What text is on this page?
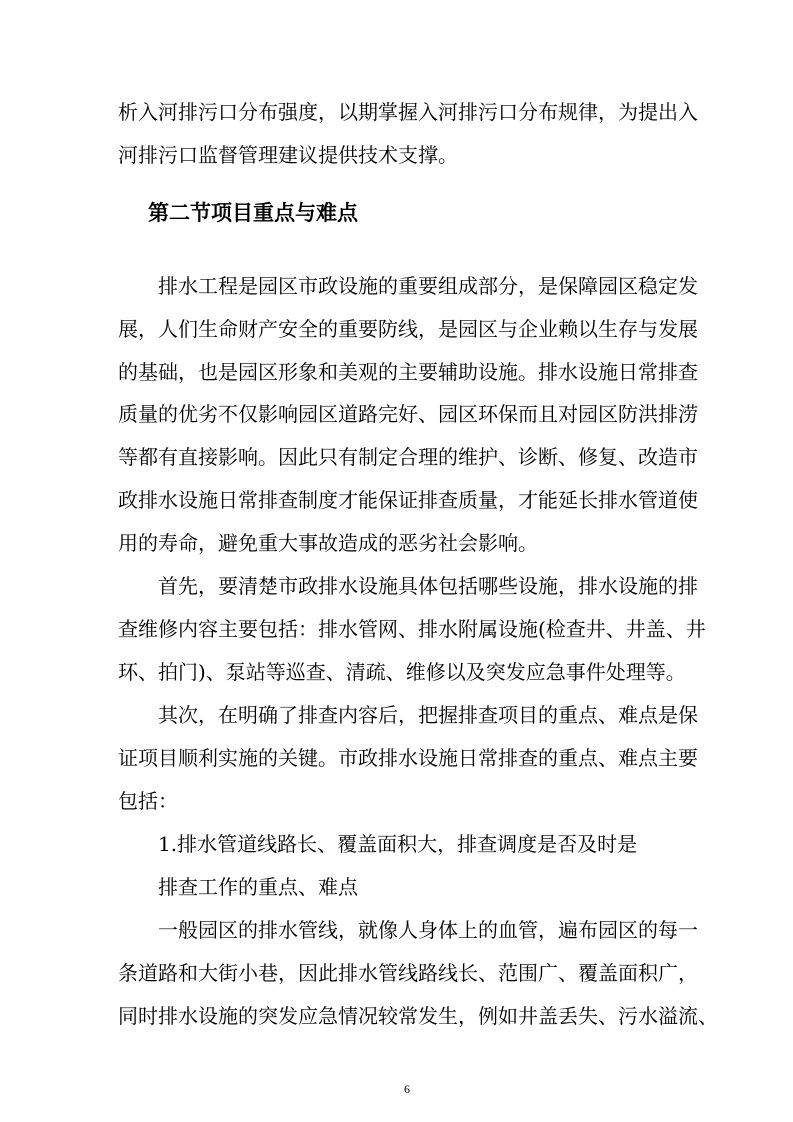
析入河排污口分布强度，以期掌握入河排污口分布规律，为提出入
河排污口监督管理建议提供技术支撑。
第二节项目重点与难点
排水工程是园区市政设施的重要组成部分，是保障园区稳定发
展，人们生命财产安全的重要防线，是园区与企业赖以生存与发展
的基础，也是园区形象和美观的主要辅助设施。排水设施日常排查
质量的优劣不仅影响园区道路完好、园区环保而且对园区防洪排涝
等都有直接影响。因此只有制定合理的维护、诊断、修复、改造市
政排水设施日常排查制度才能保证排查质量，才能延长排水管道使
用的寿命，避免重大事故造成的恶劣社会影响。
首先，要清楚市政排水设施具体包括哪些设施，排水设施的排
查维修内容主要包括：排水管网、排水附属设施(检查井、井盖、井
环、拍门)、泵站等巡查、清疏、维修以及突发应急事件处理等。
其次，在明确了排查内容后，把握排查项目的重点、难点是保
证项目顺利实施的关键。市政排水设施日常排查的重点、难点主要
包括：
1.排水管道线路长、覆盖面积大，排查调度是否及时是
排查工作的重点、难点
一般园区的排水管线，就像人身体上的血管，遍布园区的每一
条道路和大街小巷，因此排水管线路线长、范围广、覆盖面积广，
同时排水设施的突发应急情况较常发生，例如井盖丢失、污水溢流、
6
